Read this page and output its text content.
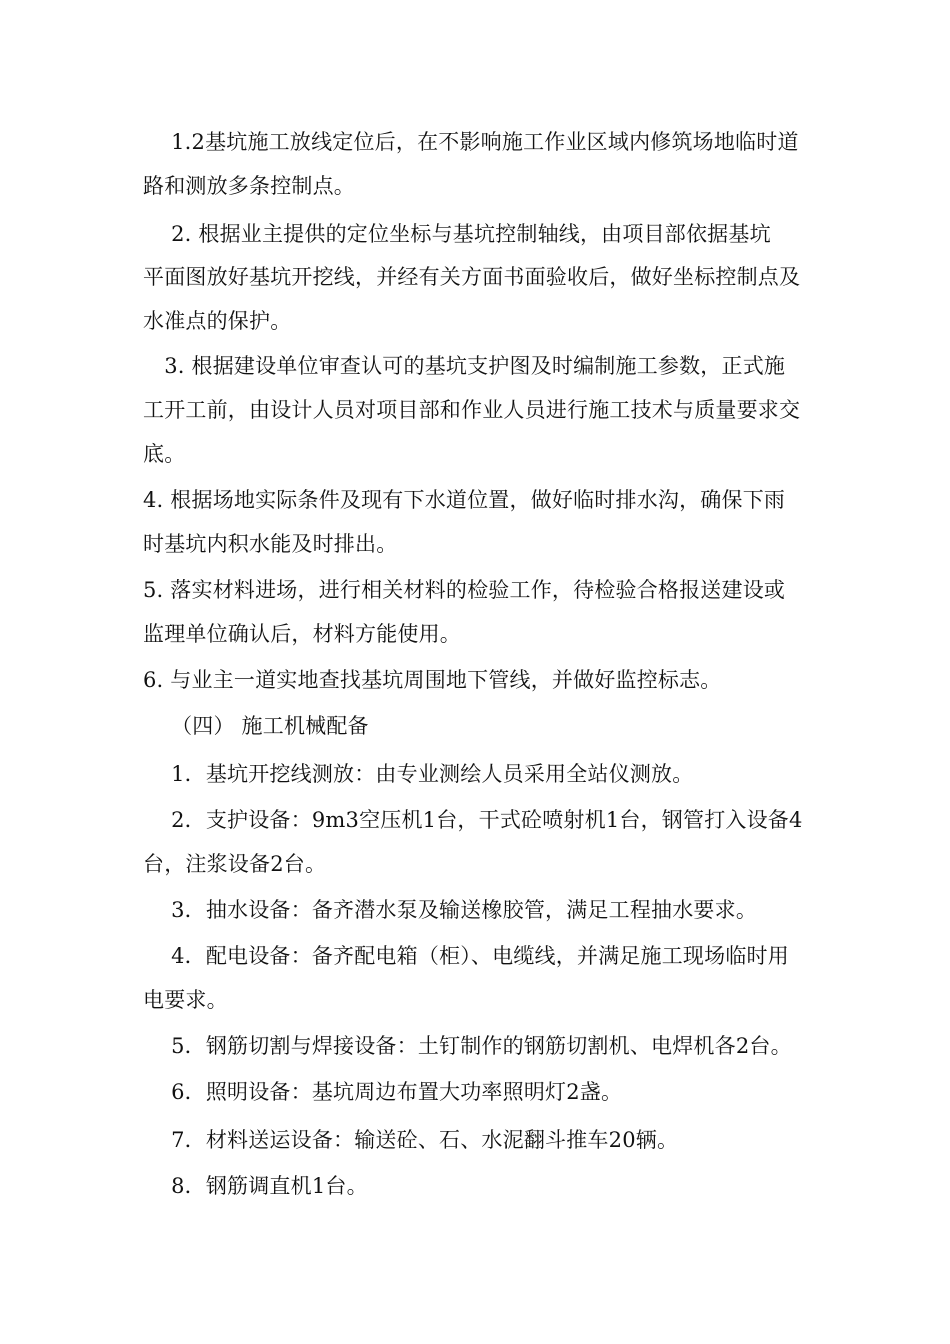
　 1.2基坑施工放线定位后，在不影响施工作业区域内修筑场地临时道
路和测放多条控制点。
　 2. 根据业主提供的定位坐标与基坑控制轴线，由项目部依据基坑
平面图放好基坑开挖线，并经有关方面书面验收后，做好坐标控制点及
水准点的保护。
　3. 根据建设单位审查认可的基坑支护图及时编制施工参数，正式施
工开工前，由设计人员对项目部和作业人员进行施工技术与质量要求交
底。
4. 根据场地实际条件及现有下水道位置，做好临时排水沟，确保下雨
时基坑内积水能及时排出。
5. 落实材料进场，进行相关材料的检验工作，待检验合格报送建设或
监理单位确认后，材料方能使用。
6. 与业主一道实地查找基坑周围地下管线，并做好监控标志。
　 （四） 施工机械配备
　 1．基坑开挖线测放：由专业测绘人员采用全站仪测放。
　 2．支护设备：9m3空压机1台，干式砼喷射机1台，钢管打入设备4
台，注浆设备2台。
　 3．抽水设备：备齐潜水泵及输送橡胶管，满足工程抽水要求。
　 4．配电设备：备齐配电箱（柜）、电缆线，并满足施工现场临时用
电要求。
　 5．钢筋切割与焊接设备：土钉制作的钢筋切割机、电焊机各2台。
　 6．照明设备：基坑周边布置大功率照明灯2盏。
　 7．材料送运设备：输送砼、石、水泥翻斗推车20辆。
　 8．钢筋调直机1台。
